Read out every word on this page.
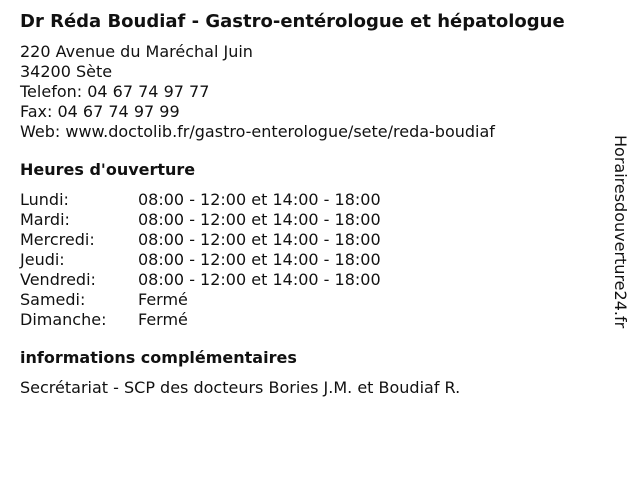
Dr Réda Boudiaf - Gastro-entérologue et hépatologue
220 Avenue du Maréchal Juin
34200 Sète
Telefon: 04 67 74 97 77
Fax: 04 67 74 97 99
Web: www.doctolib.fr/gastro-enterologue/sete/reda-boudiaf
Heures d'ouverture
Lundi:	08:00 - 12:00 et 14:00 - 18:00
Mardi:	08:00 - 12:00 et 14:00 - 18:00
Mercredi:	08:00 - 12:00 et 14:00 - 18:00
Jeudi:	08:00 - 12:00 et 14:00 - 18:00
Vendredi:	08:00 - 12:00 et 14:00 - 18:00
Samedi:	Fermé
Dimanche:	Fermé
informations complémentaires
Secrétariat - SCP des docteurs Bories J.M. et Boudiaf R.
Horairesdouverture24.fr
